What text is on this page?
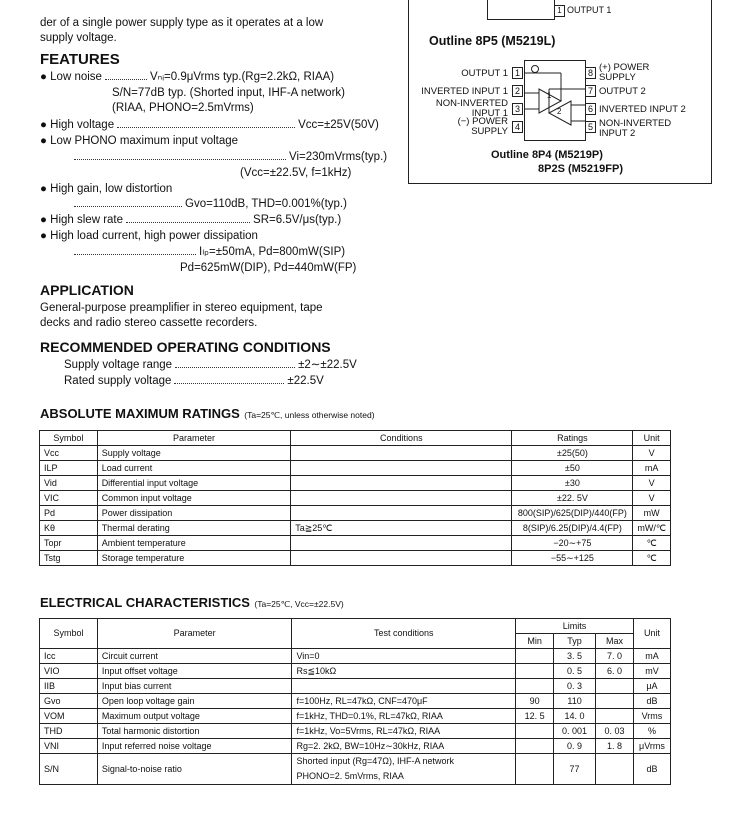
der of a single power supply type as it operates at a low
supply voltage.
FEATURES
● Low noise	Vₙᵢ=0.9μVrms typ.(Rg=2.2kΩ, RIAA)
S/N=77dB typ. (Shorted input, IHF-A network)
(RIAA, PHONO=2.5mVrms)
● High voltage	Vcc=±25V(50V)
● Low PHONO maximum input voltage
Vi=230mVrms(typ.)
(Vcc=±22.5V, f=1kHz)
● High gain, low distortion
Gvo=110dB, THD=0.001%(typ.)
● High slew rate	SR=6.5V/μs(typ.)
● High load current, high power dissipation
Iₗₚ=±50mA, Pd=800mW(SIP)
Pd=625mW(DIP), Pd=440mW(FP)
APPLICATION
General-purpose preamplifier in stereo equipment, tape
decks and radio stereo cassette recorders.
RECOMMENDED OPERATING CONDITIONS
Supply voltage range	±2∼±22.5V
Rated supply voltage	±22.5V
1 OUTPUT 1
Outline 8P5 (M5219L)
1
2
1
2
3
4
OUTPUT 1
INVERTED INPUT 1
NON-INVERTED
INPUT 1
(−) POWER
SUPPLY
8
7
6
5
(+) POWER
SUPPLY
OUTPUT 2
INVERTED INPUT 2
NON-INVERTED
INPUT 2
Outline 8P4 (M5219P)
8P2S (M5219FP)
ABSOLUTE MAXIMUM RATINGS (Ta=25℃, unless otherwise noted)
Symbol	Parameter	Conditions	Ratings	Unit
Vcc	Supply voltage		±25(50)	V
ILP	Load current		±50	mA
Vid	Differential input voltage		±30	V
VIC	Common input voltage		±22. 5V	V
Pd	Power dissipation		800(SIP)/625(DIP)/440(FP)	mW
Kθ	Thermal derating	Ta≧25℃	8(SIP)/6.25(DIP)/4.4(FP)	mW/℃
Topr	Ambient temperature		−20∼+75	℃
Tstg	Storage temperature		−55∼+125	℃
ELECTRICAL CHARACTERISTICS (Ta=25℃, Vcc=±22.5V)
Symbol	Parameter	Test conditions	Limits			Unit
			Min	Typ	Max	
Icc	Circuit current	Vin=0		3. 5	7. 0	mA
VIO	Input offset voltage	Rs≦10kΩ		0. 5	6. 0	mV
IIB	Input bias current			0. 3		μA
Gvo	Open loop voltage gain	f=100Hz, RL=47kΩ, CNF=470μF	90	110		dB
VOM	Maximum output voltage	f=1kHz, THD=0.1%, RL=47kΩ, RIAA	12. 5	14. 0		Vrms
THD	Total harmonic distortion	f=1kHz, Vo=5Vrms, RL=47kΩ, RIAA		0. 001	0. 03	%
VNI	Input referred noise voltage	Rg=2. 2kΩ, BW=10Hz∼30kHz, RIAA		0. 9	1. 8	μVrms
S/N	Signal-to-noise ratio	Shorted input (Rg=47Ω), IHF-A network
PHONO=2. 5mVrms, RIAA		77		dB
